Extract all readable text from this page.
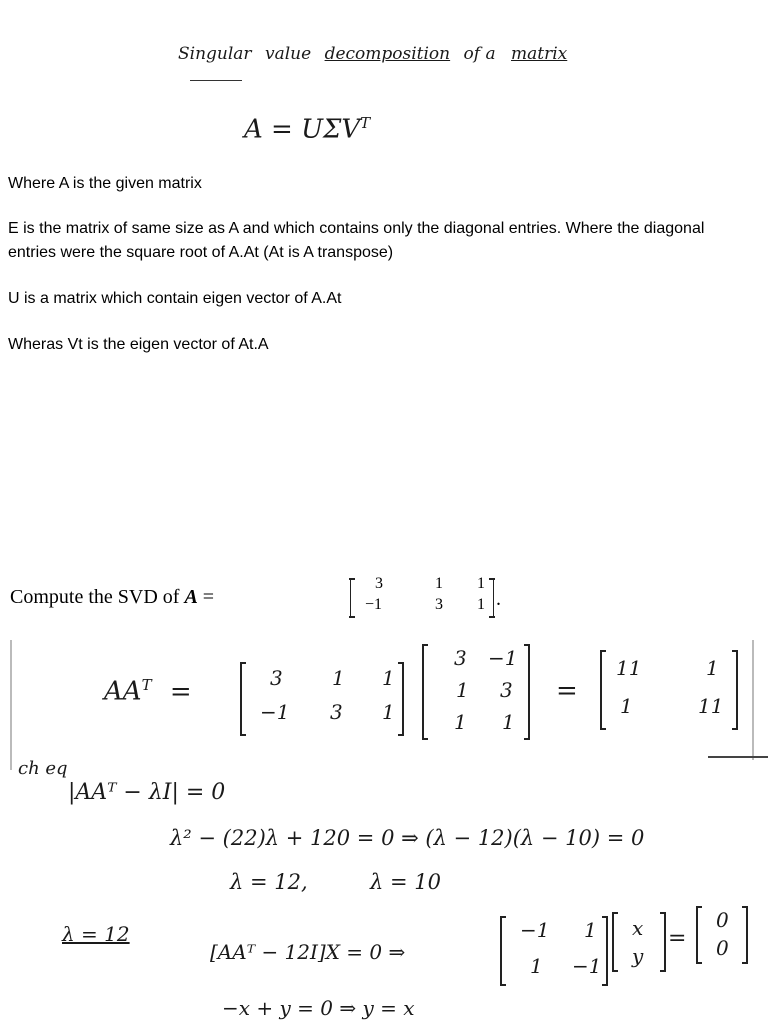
Singular value decomposition of a matrix
$A = U\Sigma V^T$
Where A is the given matrix
E is the matrix of same size as A and which contains only the diagonal entries. Where the diagonal entries were the square root of A.At (At is A transpose)
U is a matrix which contain eigen vector of A.At
Wheras Vt is the eigen vector of At.A
Compute the SVD of A =
3	1 1
−1	3 1 .
$AA^T$ =	3 1 1
−1 3 1
3 −1
1 3
1 1
=
11	1
1	11
ch eq
|AAᵀ − λI| = 0
λ² − (22)λ + 120 = 0 ⇒ (λ − 12)(λ − 10) = 0
λ = 12,	λ = 10
λ = 12
[AAᵀ − 12I]X = 0 ⇒
−1 1
1 −1
x
y
=
0
0
−x + y = 0 ⇒ y = x
